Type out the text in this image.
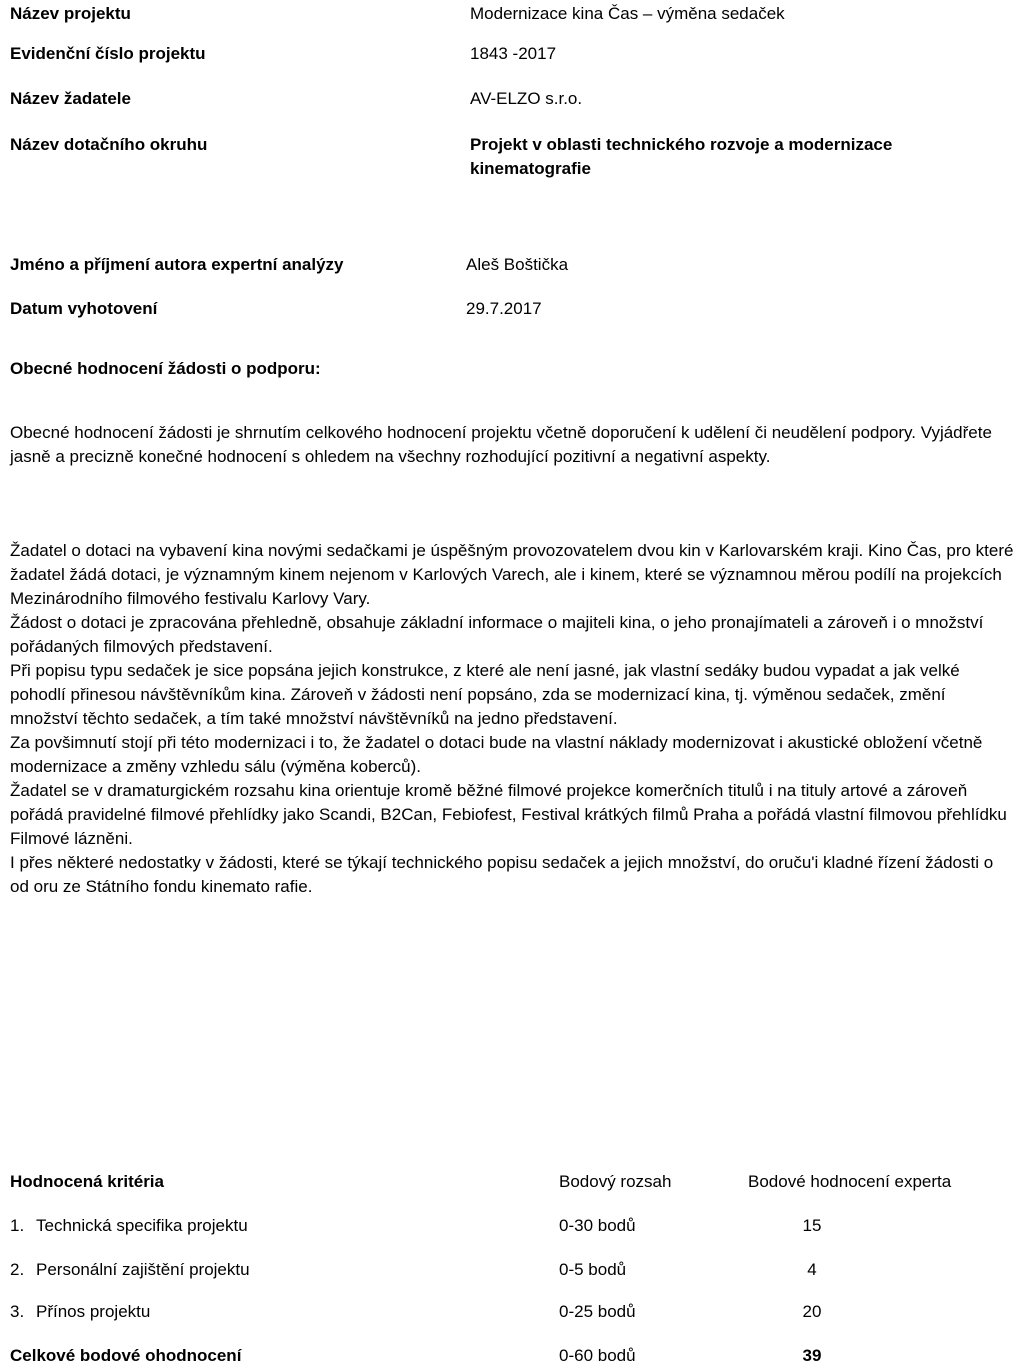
Název projektu	Modernizace kina Čas – výměna sedaček
Evidenční číslo projektu	1843 -2017
Název žadatele	AV-ELZO s.r.o.
Název dotačního okruhu	Projekt v oblasti technického rozvoje a modernizace kinematografie
Jméno a příjmení autora expertní analýzy	Aleš Boštička
Datum vyhotovení	29.7.2017
Obecné hodnocení žádosti o podporu:

Obecné hodnocení žádosti je shrnutím celkového hodnocení projektu včetně doporučení k udělení či neudělení podpory. Vyjádřete jasně a precizně konečné hodnocení s ohledem na všechny rozhodující pozitivní a negativní aspekty.

Žadatel o dotaci na vybavení kina novými sedačkami je úspěšným provozovatelem dvou kin v Karlovarském kraji. Kino Čas, pro které žadatel žádá dotaci, je významným kinem nejenom v Karlových Varech, ale i kinem, které se významnou měrou podílí na projekcích Mezinárodního filmového festivalu Karlovy Vary.

Žádost o dotaci je zpracována přehledně, obsahuje základní informace o majiteli kina, o jeho pronajímateli a zároveň i o množství pořádaných filmových představení.

Při popisu typu sedaček je sice popsána jejich konstrukce, z které ale není jasné, jak vlastní sedáky budou vypadat a jak velké pohodlí přinesou návštěvníkům kina. Zároveň v žádosti není popsáno, zda se modernizací kina, tj. výměnou sedaček, změní množství těchto sedaček, a tím také množství návštěvníků na jedno představení.

Za povšimnutí stojí při této modernizaci i to, že žadatel o dotaci bude na vlastní náklady modernizovat i akustické obložení včetně modernizace a změny vzhledu sálu (výměna koberců).

Žadatel se v dramaturgickém rozsahu kina orientuje kromě běžné filmové projekce komerčních titulů i na tituly artové a zároveň pořádá pravidelné filmové přehlídky jako Scandi, B2Can, Febiofest, Festival krátkých filmů Praha a pořádá vlastní filmovou přehlídku Filmové lázněni.

I přes některé nedostatky v žádosti, které se týkají technického popisu sedaček a jejich množství, do oruču'i kladné řízení žádosti o od oru ze Státního fondu kinemato rafie.

Hodnocená kritéria	Bodový rozsah	Bodové hodnocení experta
1. Technická specifika projektu	0-30 bodů	15
2. Personální zajištění projektu	0-5 bodů	4
3. Přínos projektu	0-25 bodů	20
Celkové bodové ohodnocení	0-60 bodů	39
